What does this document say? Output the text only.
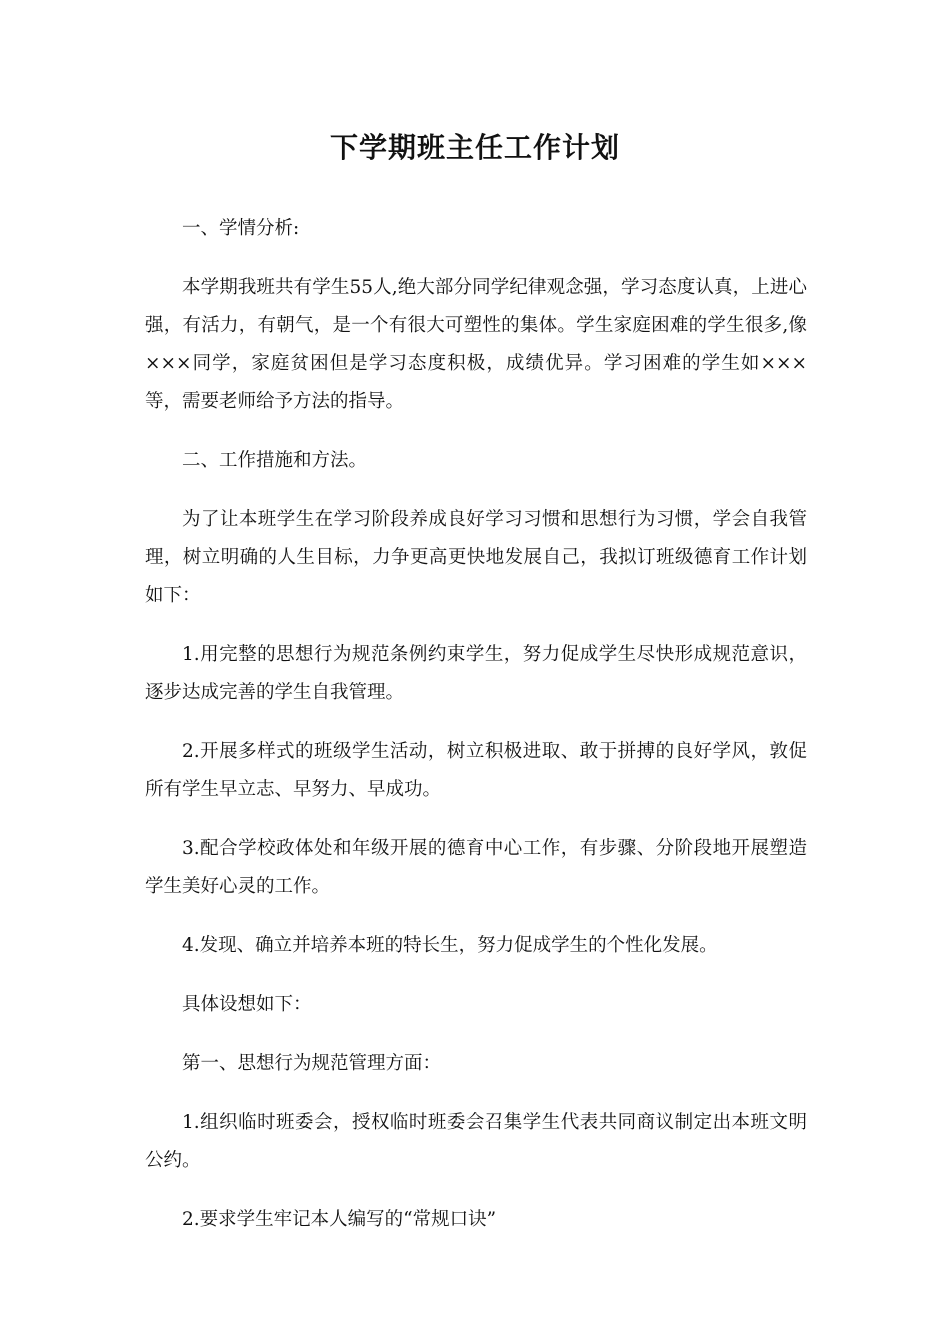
下学期班主任工作计划

一、学情分析:

本学期我班共有学生55人,绝大部分同学纪律观念强，学习态度认真，上进心强，有活力，有朝气，是一个有很大可塑性的集体。学生家庭困难的学生很多,像×××同学，家庭贫困但是学习态度积极，成绩优异。学习困难的学生如×××等，需要老师给予方法的指导。

二、工作措施和方法。

为了让本班学生在学习阶段养成良好学习习惯和思想行为习惯，学会自我管理，树立明确的人生目标，力争更高更快地发展自己，我拟订班级德育工作计划如下：

1.用完整的思想行为规范条例约束学生，努力促成学生尽快形成规范意识，逐步达成完善的学生自我管理。

2.开展多样式的班级学生活动，树立积极进取、敢于拼搏的良好学风，敦促所有学生早立志、早努力、早成功。

3.配合学校政体处和年级开展的德育中心工作，有步骤、分阶段地开展塑造学生美好心灵的工作。

4.发现、确立并培养本班的特长生，努力促成学生的个性化发展。

具体设想如下：

第一、思想行为规范管理方面：

1.组织临时班委会，授权临时班委会召集学生代表共同商议制定出本班文明公约。

2.要求学生牢记本人编写的“常规口诀”
